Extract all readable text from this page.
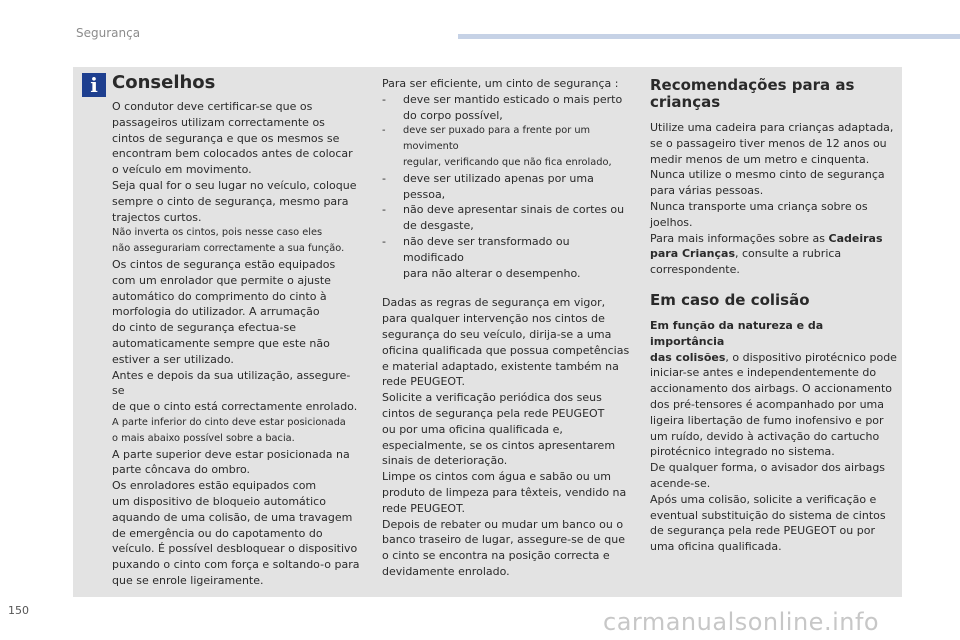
Segurança
i Conselhos

O condutor deve certificar-se que os

passageiros utilizam correctamente os

cintos de segurança e que os mesmos se

encontram bem colocados antes de colocar

o veículo em movimento.

Seja qual for o seu lugar no veículo, coloque

sempre o cinto de segurança, mesmo para

trajectos curtos.

Não inverta os cintos, pois nesse caso eles

não assegurariam correctamente a sua função.

Os cintos de segurança estão equipados

com um enrolador que permite o ajuste

automático do comprimento do cinto à

morfologia do utilizador. A arrumação

do cinto de segurança efectua-se

automaticamente sempre que este não

estiver a ser utilizado.

Antes e depois da sua utilização, assegure-se

de que o cinto está correctamente enrolado.

A parte inferior do cinto deve estar posicionada

o mais abaixo possível sobre a bacia.

A parte superior deve estar posicionada na

parte côncava do ombro.

Os enroladores estão equipados com

um dispositivo de bloqueio automático

aquando de uma colisão, de uma travagem

de emergência ou do capotamento do

veículo. É possível desbloquear o dispositivo

puxando o cinto com força e soltando-o para

que se enrole ligeiramente.

Para ser eficiente, um cinto de segurança :

-	deve ser mantido esticado o mais perto
do corpo possível,
-	deve ser puxado para a frente por um movimento
regular, verificando que não fica enrolado,
-	deve ser utilizado apenas por uma pessoa,
-	não deve apresentar sinais de cortes ou
de desgaste,
-	não deve ser transformado ou modificado
para não alterar o desempenho.

Dadas as regras de segurança em vigor,

para qualquer intervenção nos cintos de

segurança do seu veículo, dirija-se a uma

oficina qualificada que possua competências

e material adaptado, existente também na

rede PEUGEOT.

Solicite a verificação periódica dos seus

cintos de segurança pela rede PEUGEOT

ou por uma oficina qualificada e,

especialmente, se os cintos apresentarem

sinais de deterioração.

Limpe os cintos com água e sabão ou um

produto de limpeza para têxteis, vendido na

rede PEUGEOT.

Depois de rebater ou mudar um banco ou o

banco traseiro de lugar, assegure-se de que

o cinto se encontra na posição correcta e

devidamente enrolado.

Recomendações para as
crianças

Utilize uma cadeira para crianças adaptada,

se o passageiro tiver menos de 12 anos ou

medir menos de um metro e cinquenta.

Nunca utilize o mesmo cinto de segurança

para várias pessoas.

Nunca transporte uma criança sobre os

joelhos.

Para mais informações sobre as Cadeiras

para Crianças, consulte a rubrica

correspondente.

Em caso de colisão

Em função da natureza e da importância

das colisões, o dispositivo pirotécnico pode

iniciar-se antes e independentemente do

accionamento dos airbags. O accionamento

dos pré-tensores é acompanhado por uma

ligeira libertação de fumo inofensivo e por

um ruído, devido à activação do cartucho

pirotécnico integrado no sistema.

De qualquer forma, o avisador dos airbags

acende-se.

Após uma colisão, solicite a verificação e

eventual substituição do sistema de cintos

de segurança pela rede PEUGEOT ou por

uma oficina qualificada.

150	carmanualsonline.info
